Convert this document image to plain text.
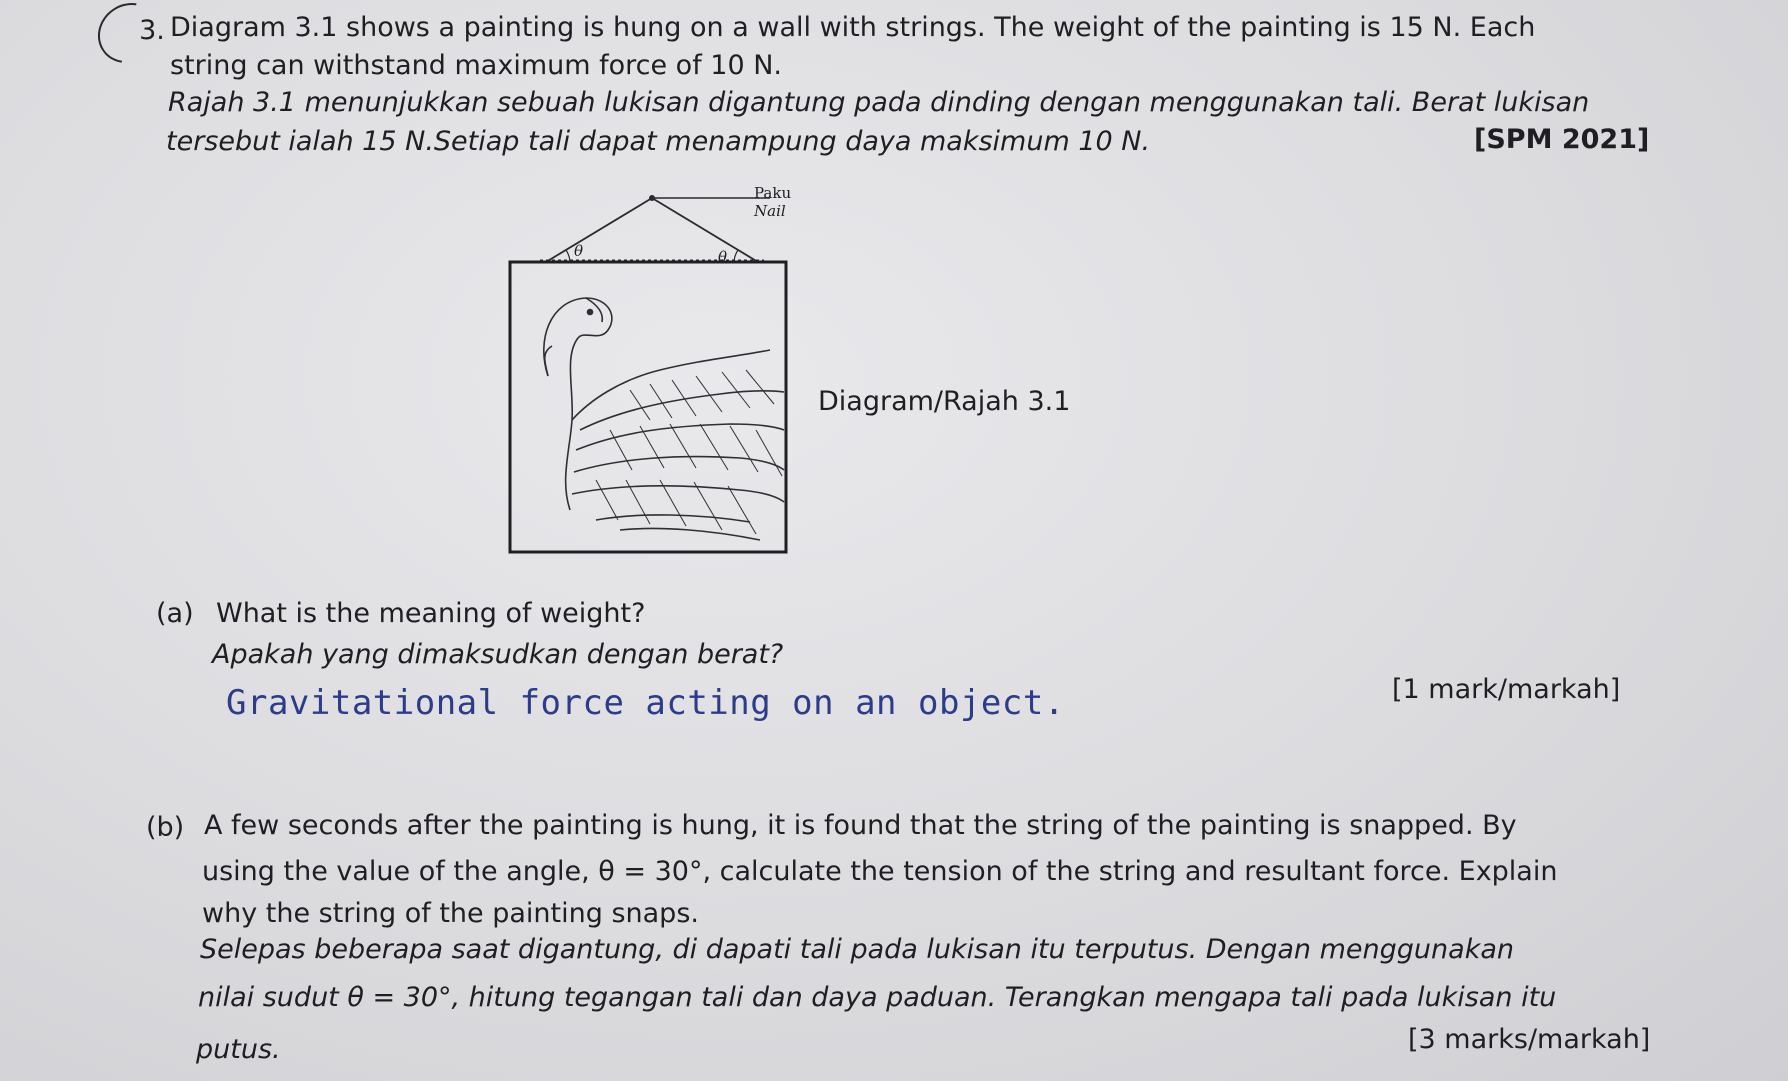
3. Diagram 3.1 shows a painting is hung on a wall with strings. The weight of the painting is 15 N. Each
string can withstand maximum force of 10 N.
Rajah 3.1 menunjukkan sebuah lukisan digantung pada dinding dengan menggunakan tali. Berat lukisan
tersebut ialah 15 N.Setiap tali dapat menampung daya maksimum 10 N.	[SPM 2021]
Paku
Nail
θ	θ
Diagram/Rajah 3.1
(a) What is the meaning of weight?
Apakah yang dimaksudkan dengan berat?
Gravitational force acting on an object.	[1 mark/markah]
(b) A few seconds after the painting is hung, it is found that the string of the painting is snapped. By
using the value of the angle, θ = 30°, calculate the tension of the string and resultant force. Explain
why the string of the painting snaps.
Selepas beberapa saat digantung, di dapati tali pada lukisan itu terputus. Dengan menggunakan
nilai sudut θ = 30°, hitung tegangan tali dan daya paduan. Terangkan mengapa tali pada lukisan itu
putus.	[3 marks/markah]
